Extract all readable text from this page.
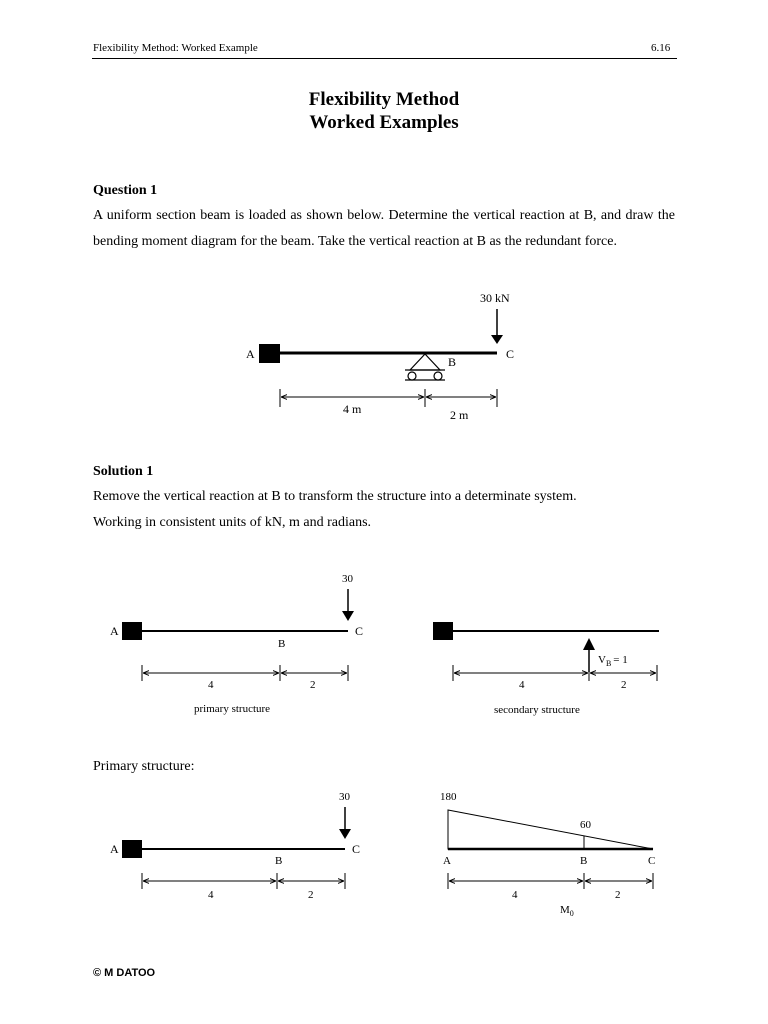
Flexibility Method: Worked Example	6.16
Flexibility Method
Worked Examples
Question 1
A uniform section beam is loaded as shown below. Determine the vertical reaction at B, and draw the bending moment diagram for the beam. Take the vertical reaction at B as the redundant force.
Solution 1
Remove the vertical reaction at B to transform the structure into a determinate system.
Working in consistent units of kN, m and radians.
Primary structure:
© M DATOO
30 kN
A
B
C
4 m	2 m
30
A
B
C
4	2
primary structure
$V_B = 1$
4	2
secondary structure
30
A
B
C
4	2
180
60
A	B	C
4	2
$M_0$
